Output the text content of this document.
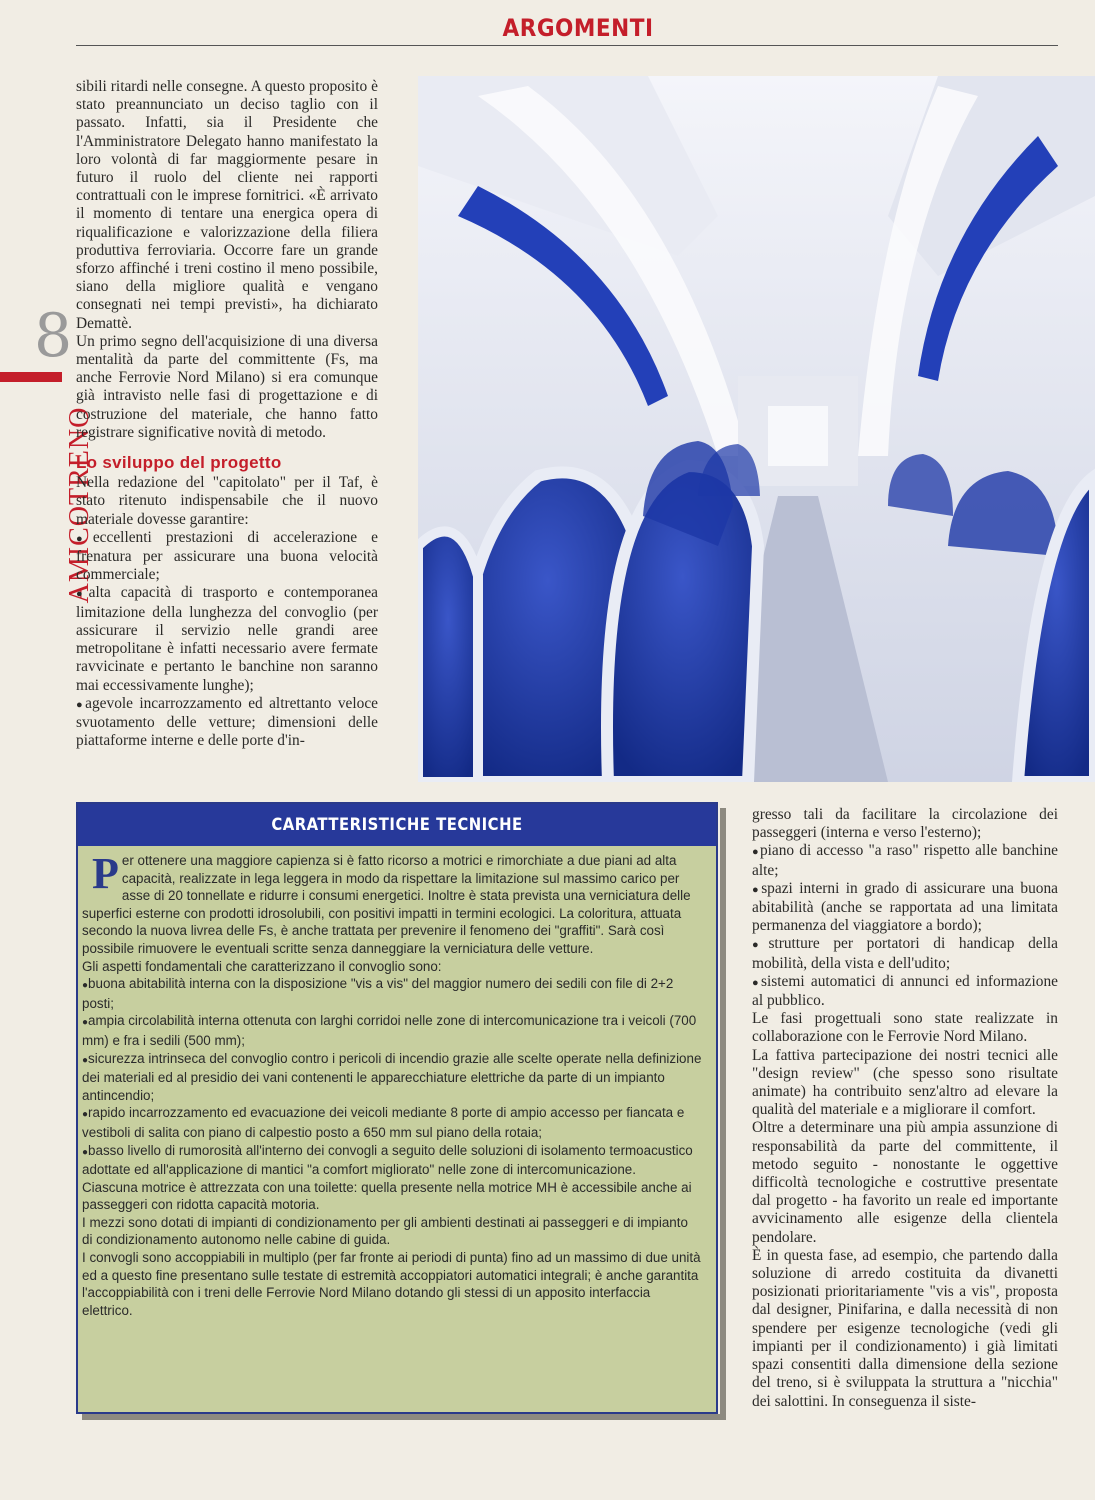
ARGOMENTI
8
AMICOTRENO

sibili ritardi nelle consegne. A questo proposito è stato preannunciato un deciso taglio con il passato. Infatti, sia il Presidente che l'Amministratore Delegato hanno manifestato la loro volontà di far maggiormente pesare in futuro il ruolo del cliente nei rapporti contrattuali con le imprese fornitrici. «È arrivato il momento di tentare una energica opera di riqualificazione e valorizzazione della filiera produttiva ferroviaria. Occorre fare un grande sforzo affinché i treni costino il meno possibile, siano della migliore qualità e vengano consegnati nei tempi previsti», ha dichiarato Demattè.

Un primo segno dell'acquisizione di una diversa mentalità da parte del committente (Fs, ma anche Ferrovie Nord Milano) si era comunque già intravisto nelle fasi di progettazione e di costruzione del materiale, che hanno fatto registrare significative novità di metodo.

Lo sviluppo del progetto

Nella redazione del "capitolato" per il Taf, è stato ritenuto indispensabile che il nuovo materiale dovesse garantire:

● eccellenti prestazioni di accelerazione e frenatura per assicurare una buona velocità commerciale;

● alta capacità di trasporto e contemporanea limitazione della lunghezza del convoglio (per assicurare il servizio nelle grandi aree metropolitane è infatti necessario avere fermate ravvicinate e pertanto le banchine non saranno mai eccessivamente lunghe);

● agevole incarrozzamento ed altrettanto veloce svuotamento delle vetture; dimensioni delle piattaforme interne e delle porte d'in-

CARATTERISTICHE TECNICHE

Per ottenere una maggiore capienza si è fatto ricorso a motrici e rimorchiate a due piani ad alta capacità, realizzate in lega leggera in modo da rispettare la limitazione sul massimo carico per asse di 20 tonnellate e ridurre i consumi energetici. Inoltre è stata prevista una verniciatura delle superfici esterne con prodotti idrosolubili, con positivi impatti in termini ecologici. La coloritura, attuata secondo la nuova livrea delle Fs, è anche trattata per prevenire il fenomeno dei "graffiti". Sarà così possibile rimuovere le eventuali scritte senza danneggiare la verniciatura delle vetture.

Gli aspetti fondamentali che caratterizzano il convoglio sono:

● buona abitabilità interna con la disposizione "vis a vis" del maggior numero dei sedili con file di 2+2 posti;

● ampia circolabilità interna ottenuta con larghi corridoi nelle zone di intercomunicazione tra i veicoli (700 mm) e fra i sedili (500 mm);

● sicurezza intrinseca del convoglio contro i pericoli di incendio grazie alle scelte operate nella definizione dei materiali ed al presidio dei vani contenenti le apparecchiature elettriche da parte di un impianto antincendio;

● rapido incarrozzamento ed evacuazione dei veicoli mediante 8 porte di ampio accesso per fiancata e vestiboli di salita con piano di calpestio posto a 650 mm sul piano della rotaia;

● basso livello di rumorosità all'interno dei convogli a seguito delle soluzioni di isolamento termoacustico adottate ed all'applicazione di mantici "a comfort migliorato" nelle zone di intercomunicazione.

Ciascuna motrice è attrezzata con una toilette: quella presente nella motrice MH è accessibile anche ai passeggeri con ridotta capacità motoria.

I mezzi sono dotati di impianti di condizionamento per gli ambienti destinati ai passeggeri e di impianto di condizionamento autonomo nelle cabine di guida.

I convogli sono accoppiabili in multiplo (per far fronte ai periodi di punta) fino ad un massimo di due unità ed a questo fine presentano sulle testate di estremità accoppiatori automatici integrali; è anche garantita l'accoppiabilità con i treni delle Ferrovie Nord Milano dotando gli stessi di un apposito interfaccia elettrico.

gresso tali da facilitare la circolazione dei passeggeri (interna e verso l'esterno);

● piano di accesso "a raso" rispetto alle banchine alte;

● spazi interni in grado di assicurare una buona abitabilità (anche se rapportata ad una limitata permanenza del viaggiatore a bordo);

● strutture per portatori di handicap della mobilità, della vista e dell'udito;

● sistemi automatici di annunci ed informazione al pubblico.

Le fasi progettuali sono state realizzate in collaborazione con le Ferrovie Nord Milano.

La fattiva partecipazione dei nostri tecnici alle "design review" (che spesso sono risultate animate) ha contribuito senz'altro ad elevare la qualità del materiale e a migliorare il comfort.

Oltre a determinare una più ampia assunzione di responsabilità da parte del committente, il metodo seguito - nonostante le oggettive difficoltà tecnologiche e costruttive presentate dal progetto - ha favorito un reale ed importante avvicinamento alle esigenze della clientela pendolare.

È in questa fase, ad esempio, che partendo dalla soluzione di arredo costituita da divanetti posizionati prioritariamente "vis a vis", proposta dal designer, Pinifarina, e dalla necessità di non spendere per esigenze tecnologiche (vedi gli impianti per il condizionamento) i già limitati spazi consentiti dalla dimensione della sezione del treno, si è sviluppata la struttura a "nicchia" dei salottini. In conseguenza il siste-
